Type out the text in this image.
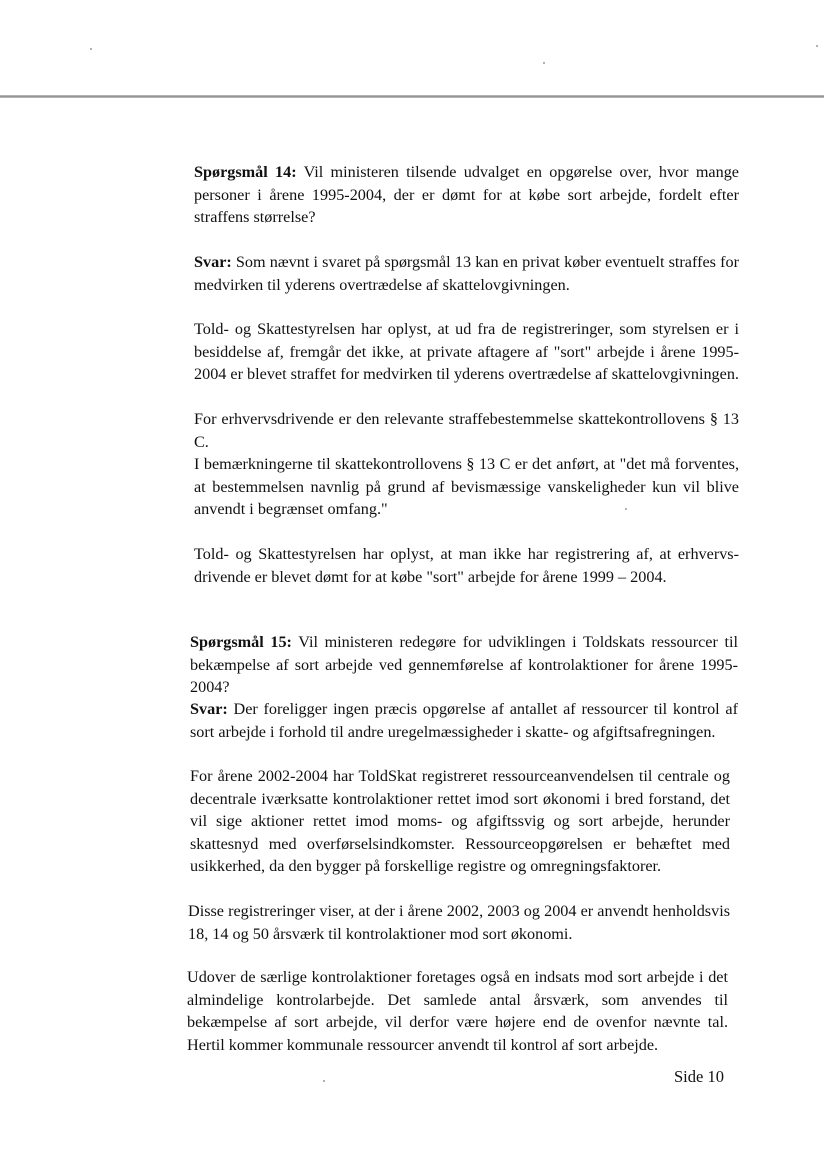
Spørgsmål 14: Vil ministeren tilsende udvalget en opgørelse over, hvor mange personer i årene 1995-2004, der er dømt for at købe sort arbejde, fordelt efter straffens størrelse?

Svar: Som nævnt i svaret på spørgsmål 13 kan en privat køber eventuelt straffes for medvirken til yderens overtrædelse af skattelovgivningen.

Told- og Skattestyrelsen har oplyst, at ud fra de registreringer, som styrelsen er i besiddelse af, fremgår det ikke, at private aftagere af "sort" arbejde i årene 1995-2004 er blevet straffet for medvirken til yderens overtrædelse af skattelovgivningen.

For erhvervsdrivende er den relevante straffebestemmelse skattekontrollovens § 13 C.

I bemærkningerne til skattekontrollovens § 13 C er det anført, at "det må forventes, at bestemmelsen navnlig på grund af bevismæssige vanskeligheder kun vil blive anvendt i begrænset omfang."

Told- og Skattestyrelsen har oplyst, at man ikke har registrering af, at erhvervs-drivende er blevet dømt for at købe "sort" arbejde for årene 1999 – 2004.

Spørgsmål 15: Vil ministeren redegøre for udviklingen i Toldskats ressourcer til bekæmpelse af sort arbejde ved gennemførelse af kontrolaktioner for årene 1995-2004?

Svar: Der foreligger ingen præcis opgørelse af antallet af ressourcer til kontrol af sort arbejde i forhold til andre uregelmæssigheder i skatte- og afgiftsafregningen.

For årene 2002-2004 har ToldSkat registreret ressourceanvendelsen til centrale og decentrale iværksatte kontrolaktioner rettet imod sort økonomi i bred forstand, det vil sige aktioner rettet imod moms- og afgiftssvig og sort arbejde, herunder skattesnyd med overførselsindkomster. Ressourceopgørelsen er behæftet med usikkerhed, da den bygger på forskellige registre og omregningsfaktorer.

Disse registreringer viser, at der i årene 2002, 2003 og 2004 er anvendt henholdsvis 18, 14 og 50 årsværk til kontrolaktioner mod sort økonomi.

Udover de særlige kontrolaktioner foretages også en indsats mod sort arbejde i det almindelige kontrolarbejde. Det samlede antal årsværk, som anvendes til bekæmpelse af sort arbejde, vil derfor være højere end de ovenfor nævnte tal. Hertil kommer kommunale ressourcer anvendt til kontrol af sort arbejde.

Side 10
